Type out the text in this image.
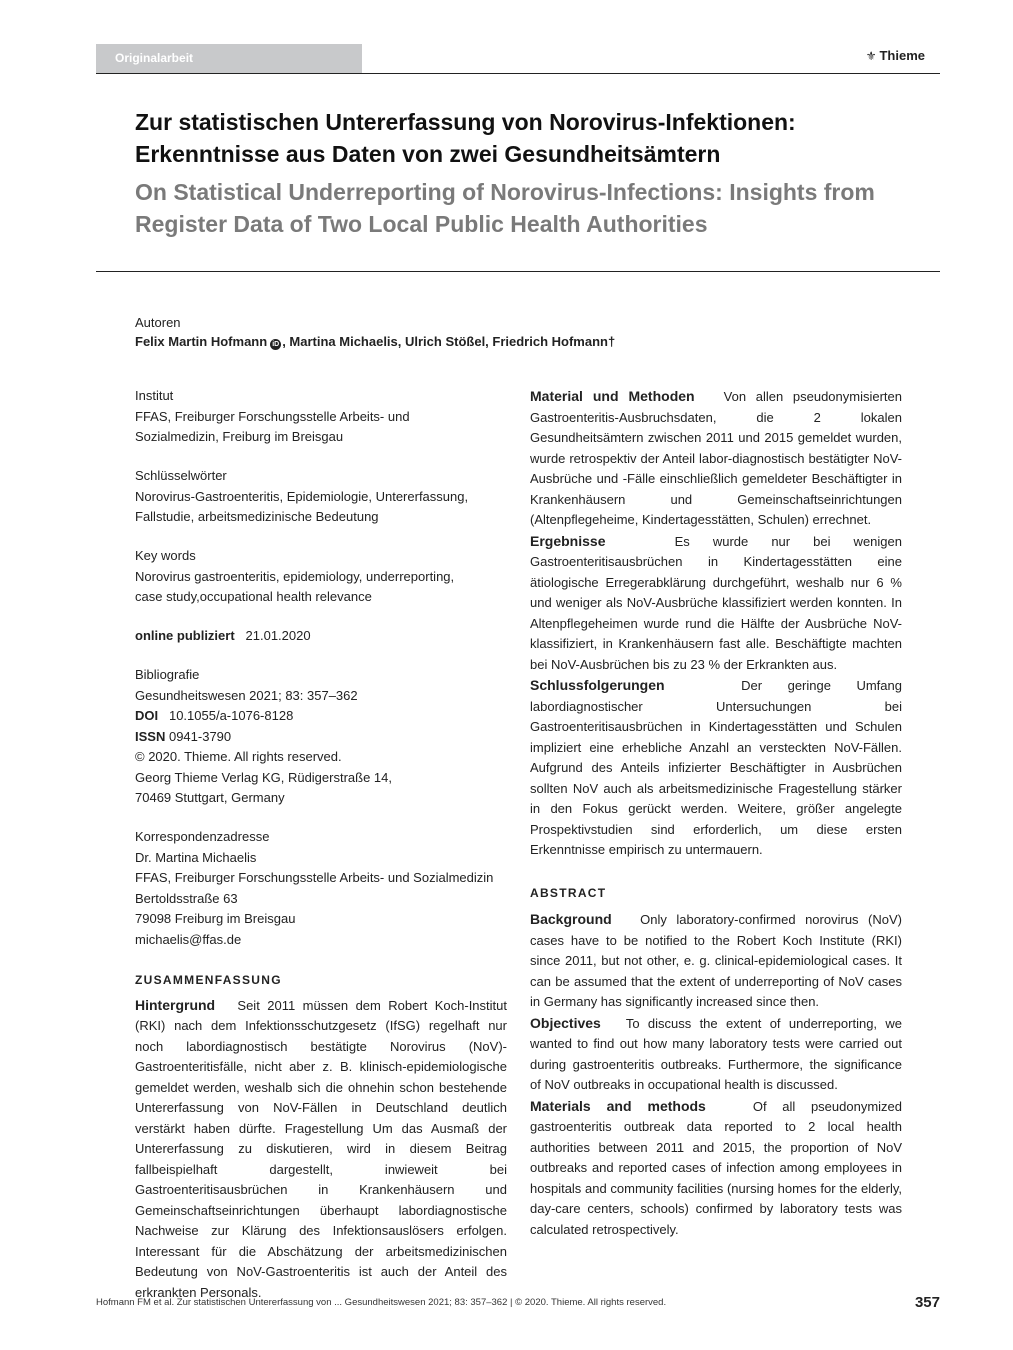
Originalarbeit	⚜ Thieme
Zur statistischen Untererfassung von Norovirus-Infektionen: Erkenntnisse aus Daten von zwei Gesundheitsämtern
On Statistical Underreporting of Norovirus-Infections: Insights from Register Data of Two Local Public Health Authorities
Autoren
Felix Martin Hofmann iD , Martina Michaelis, Ulrich Stößel, Friedrich Hofmann†
Institut
FFAS, Freiburger Forschungsstelle Arbeits- und
Sozialmedizin, Freiburg im Breisgau
Schlüsselwörter
Norovirus-Gastroenteritis, Epidemiologie, Untererfassung,
Fallstudie, arbeitsmedizinische Bedeutung
Key words
Norovirus gastroenteritis, epidemiology, underreporting,
case study,occupational health relevance
online publiziert 21.01.2020
Bibliografie
Gesundheitswesen 2021; 83: 357–362
DOI 10.1055/a-1076-8128
ISSN 0941-3790
© 2020. Thieme. All rights reserved.
Georg Thieme Verlag KG, Rüdigerstraße 14,
70469 Stuttgart, Germany
Korrespondenzadresse
Dr. Martina Michaelis
FFAS, Freiburger Forschungsstelle Arbeits- und Sozialmedizin
Bertoldsstraße 63
79098 Freiburg im Breisgau
michaelis@ffas.de
ZUSAMMENFASSUNG
Hintergrund Seit 2011 müssen dem Robert Koch-Institut (RKI) nach dem Infektionsschutzgesetz (IfSG) regelhaft nur noch labordiagnostisch bestätigte Norovirus (NoV)-Gastroenteritisfälle, nicht aber z. B. klinisch-epidemiologische gemeldet werden, weshalb sich die ohnehin schon bestehende Untererfassung von NoV-Fällen in Deutschland deutlich verstärkt haben dürfte. Fragestellung Um das Ausmaß der Untererfassung zu diskutieren, wird in diesem Beitrag fallbeispielhaft dargestellt, inwieweit bei Gastroenteritisausbrüchen in Krankenhäusern und Gemeinschaftseinrichtungen überhaupt labordiagnostische Nachweise zur Klärung des Infektionsauslösers erfolgen. Interessant für die Abschätzung der arbeitsmedizinischen Bedeutung von NoV-Gastroenteritis ist auch der Anteil des erkrankten Personals.
Material und Methoden Von allen pseudonymisierten Gastroenteritis-Ausbruchsdaten, die 2 lokalen Gesundheitsämtern zwischen 2011 und 2015 gemeldet wurden, wurde retrospektiv der Anteil labor-diagnostisch bestätigter NoV-Ausbrüche und -Fälle einschließlich gemeldeter Beschäftigter in Krankenhäusern und Gemeinschaftseinrichtungen (Altenpflegeheime, Kindertagesstätten, Schulen) errechnet.
Ergebnisse	Es wurde nur bei wenigen Gastroenteritisausbrüchen in Kindertagesstätten eine ätiologische Erregerabklärung durchgeführt, weshalb nur 6 % und weniger als NoV-Ausbrüche klassifiziert werden konnten. In Altenpflegeheimen wurde rund die Hälfte der Ausbrüche NoV-klassifiziert, in Krankenhäusern fast alle. Beschäftigte machten bei NoV-Ausbrüchen bis zu 23 % der Erkrankten aus.
Schlussfolgerungen	Der geringe Umfang labordiagnostischer Untersuchungen bei Gastroenteritisausbrüchen in Kindertagesstätten und Schulen impliziert eine erhebliche Anzahl an versteckten NoV-Fällen. Aufgrund des Anteils infizierter Beschäftigter in Ausbrüchen sollten NoV auch als arbeitsmedizinische Fragestellung stärker in den Fokus gerückt werden. Weitere, größer angelegte Prospektivstudien sind erforderlich, um diese ersten Erkenntnisse empirisch zu untermauern.
ABSTRACT
Background Only laboratory-confirmed norovirus (NoV) cases have to be notified to the Robert Koch Institute (RKI) since 2011, but not other, e. g. clinical-epidemiological cases. It can be assumed that the extent of underreporting of NoV cases in Germany has significantly increased since then.
Objectives To discuss the extent of underreporting, we wanted to find out how many laboratory tests were carried out during gastroenteritis outbreaks. Furthermore, the significance of NoV outbreaks in occupational health is discussed.
Materials and methods	Of all pseudonymized gastroenteritis outbreak data reported to 2 local health authorities between 2011 and 2015, the proportion of NoV outbreaks and reported cases of infection among employees in hospitals and community facilities (nursing homes for the elderly, day-care centers, schools) confirmed by laboratory tests was calculated retrospectively.
Hofmann FM et al. Zur statistischen Untererfassung von ... Gesundheitswesen 2021; 83: 357–362 | © 2020. Thieme. All rights reserved.	357
